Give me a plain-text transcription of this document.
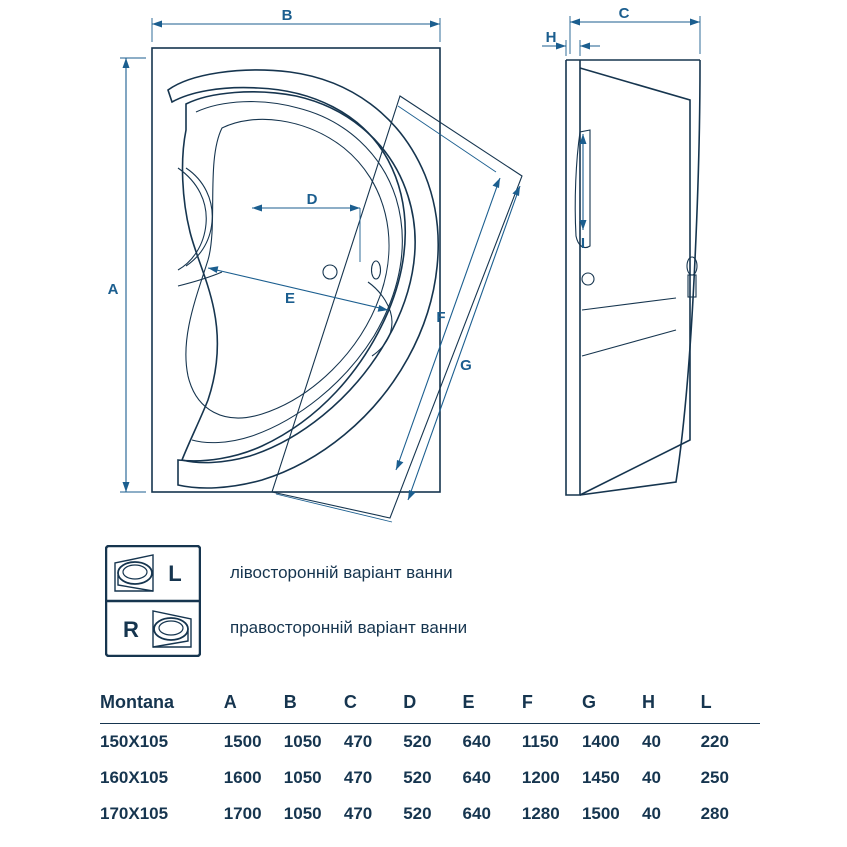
B
A
D
E
F
G
C
H
I
L
R
лівосторонній варіант ванни
правосторонній варіант ванни
Montana	A	B	C	D	E	F	G	H	L
150X105	1500	1050	470	520	640	1150	1400	40	220
160X105	1600	1050	470	520	640	1200	1450	40	250
170X105	1700	1050	470	520	640	1280	1500	40	280
